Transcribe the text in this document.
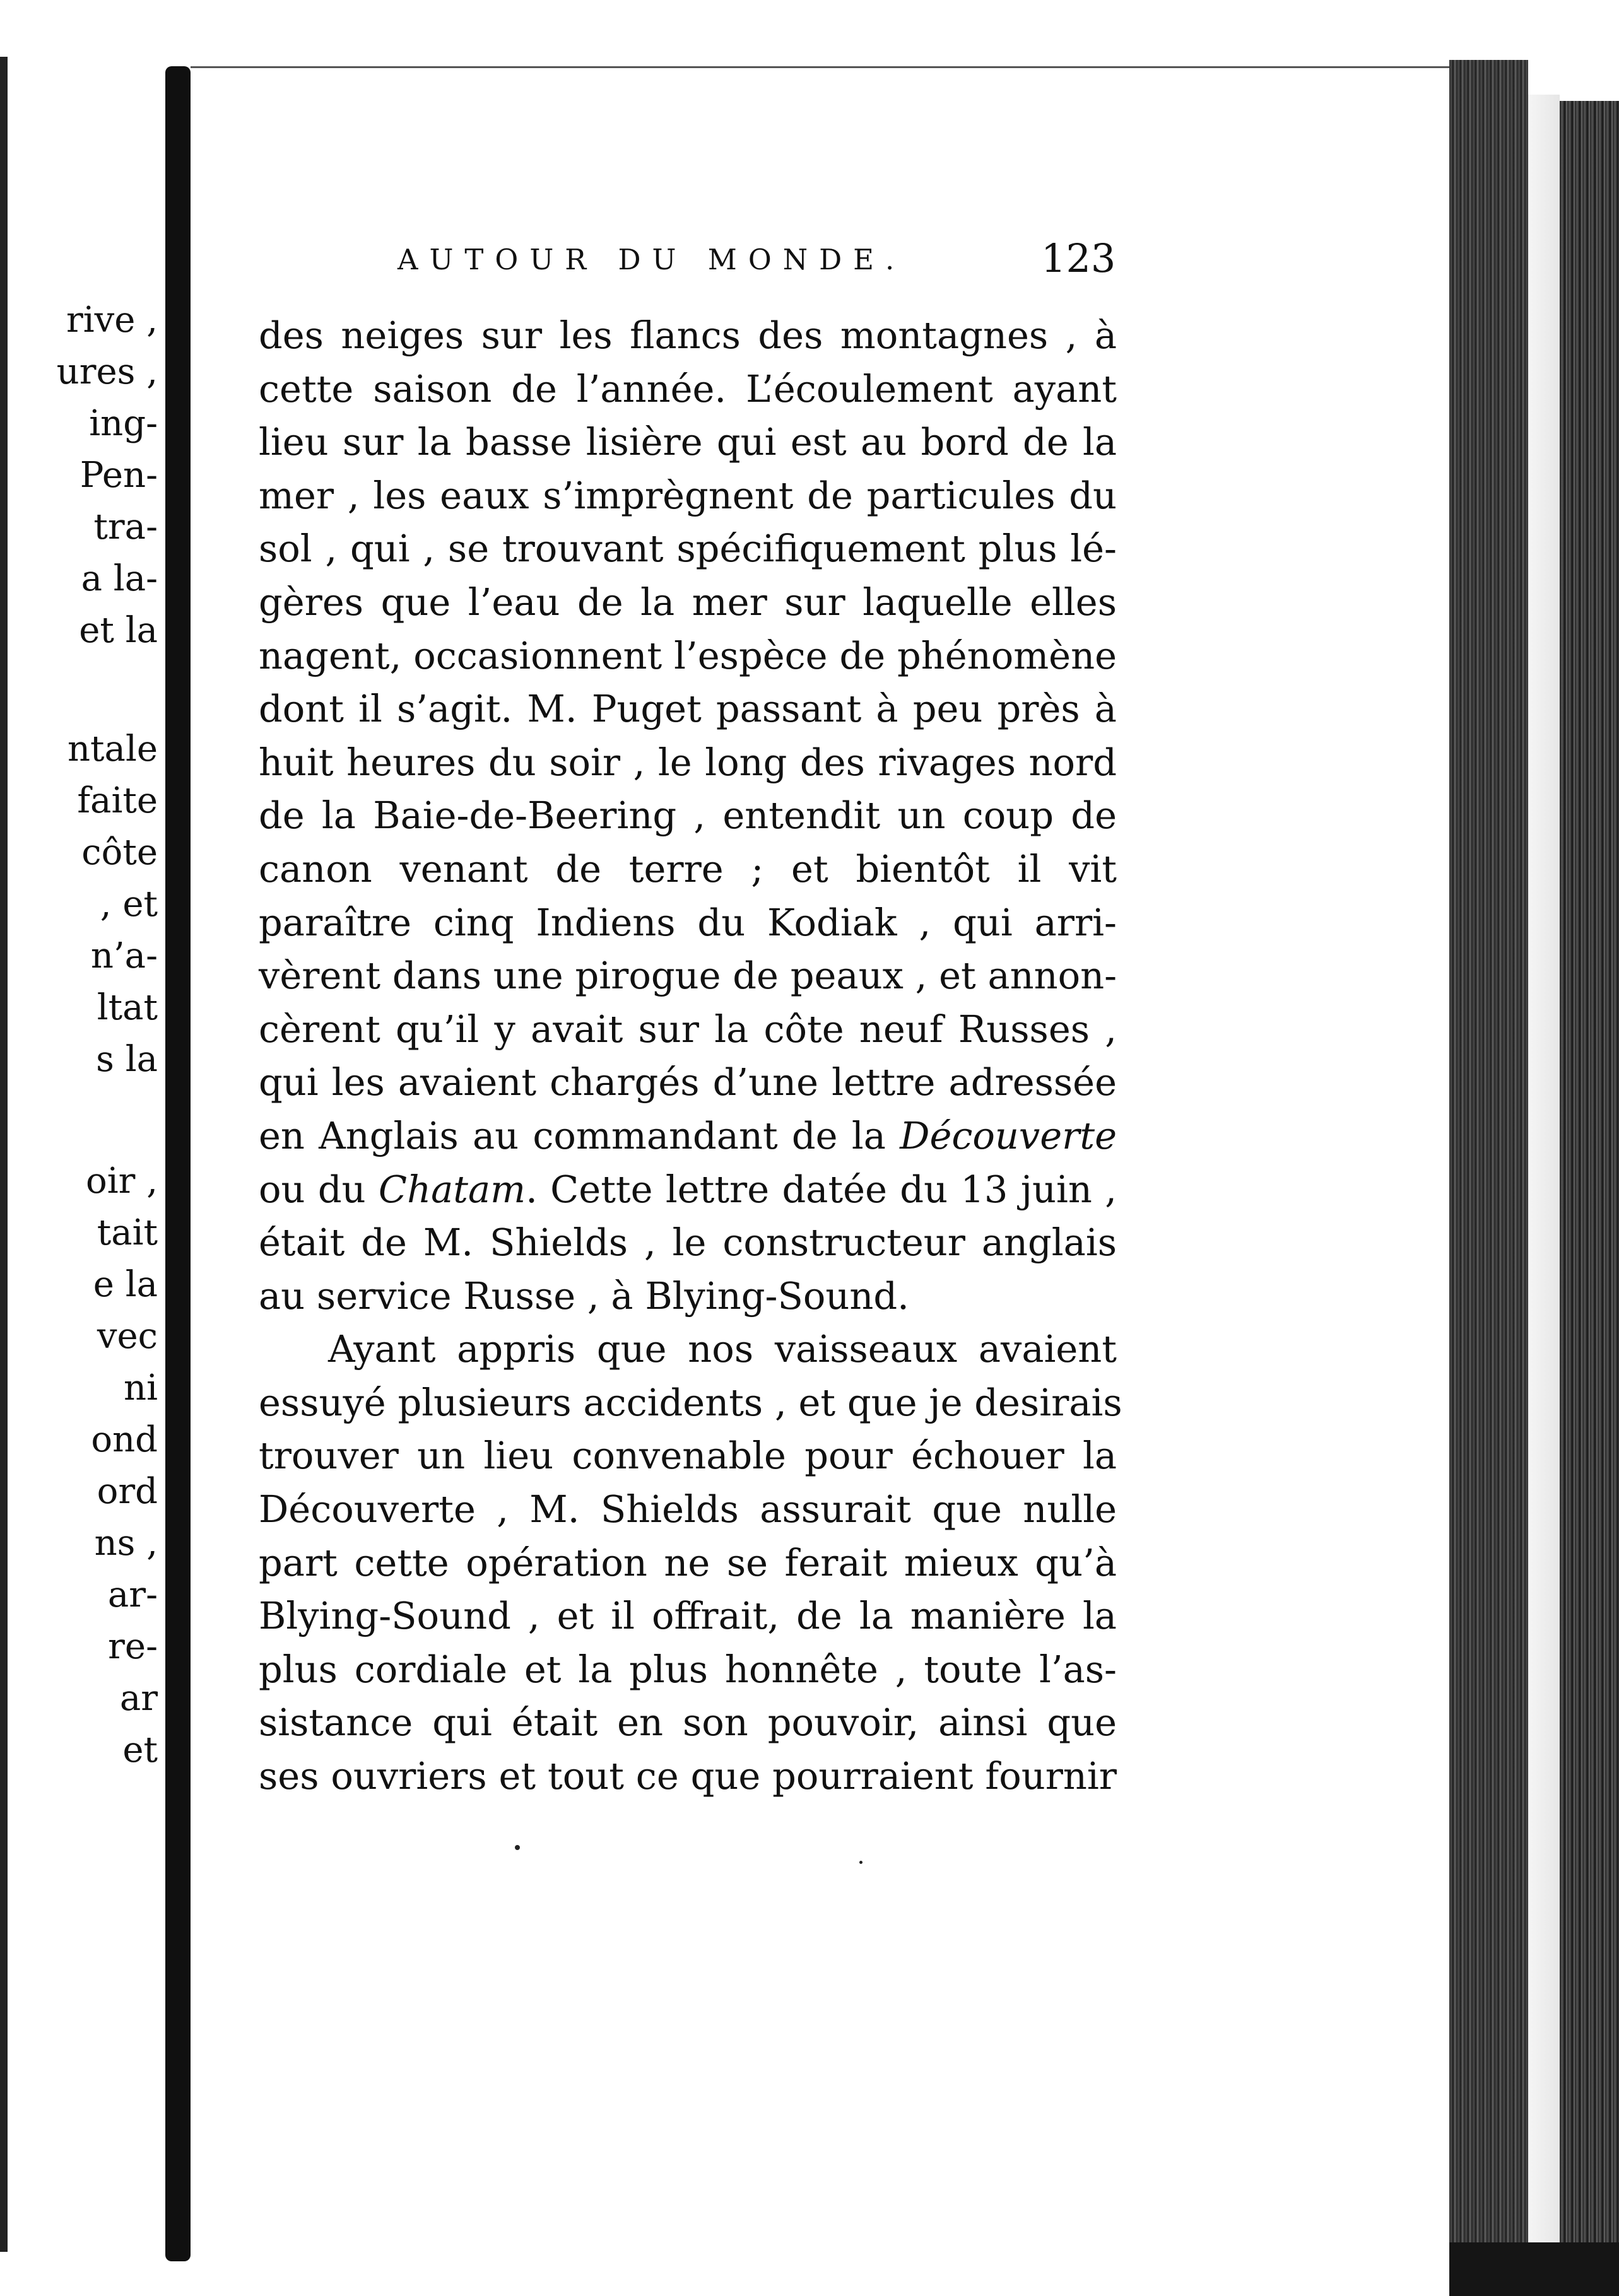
rive ,
ures ,
ing-
Pen-
tra-
a la-
et la
ntale
faite
côte
, et
n’a-
ltat
s la
oir ,
tait
e la
vec
ni
ond
ord
ns ,
ar-
re-
ar
et
AUTOUR DU MONDE.	123
des neiges sur les flancs des montagnes , à
cette saison de l’année. L’écoulement ayant
lieu sur la basse lisière qui est au bord de la
mer , les eaux s’imprègnent de particules du
sol , qui , se trouvant spécifiquement plus lé-
gères que l’eau de la mer sur laquelle elles
nagent, occasionnent l’espèce de phénomène
dont il s’agit. M. Puget passant à peu près à
huit heures du soir , le long des rivages nord
de la Baie-de-Beering , entendit un coup de
canon venant de terre ; et bientôt il vit
paraître cinq Indiens du Kodiak , qui arri-
vèrent dans une pirogue de peaux , et annon-
cèrent qu’il y avait sur la côte neuf Russes ,
qui les avaient chargés d’une lettre adressée
en Anglais au commandant de la Découverte
ou du Chatam. Cette lettre datée du 13 juin ,
était de M. Shields , le constructeur anglais
au service Russe , à Blying-Sound.
Ayant appris que nos vaisseaux avaient
essuyé plusieurs accidents , et que je desirais
trouver un lieu convenable pour échouer la
Découverte , M. Shields assurait que nulle
part cette opération ne se ferait mieux qu’à
Blying-Sound , et il offrait, de la manière la
plus cordiale et la plus honnête , toute l’as-
sistance qui était en son pouvoir, ainsi que
ses ouvriers et tout ce que pourraient fournir
